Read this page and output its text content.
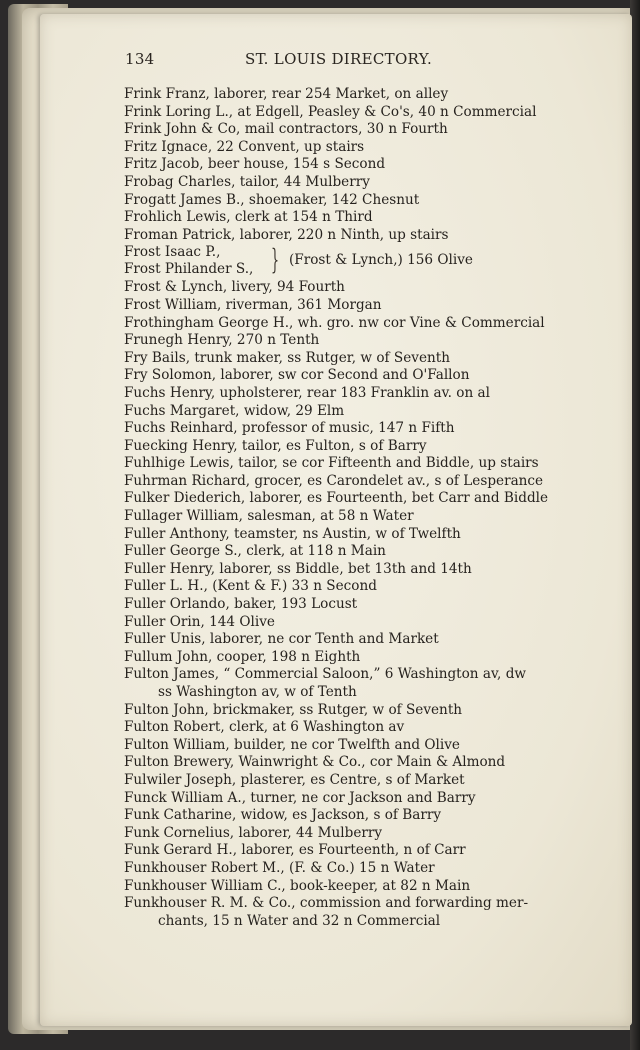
134	ST. LOUIS DIRECTORY.
Frink Franz, laborer, rear 254 Market, on alley
Frink Loring L., at Edgell, Peasley & Co's, 40 n Commercial
Frink John & Co, mail contractors, 30 n Fourth
Fritz Ignace, 22 Convent, up stairs
Fritz Jacob, beer house, 154 s Second
Frobag Charles, tailor, 44 Mulberry
Frogatt James B., shoemaker, 142 Chesnut
Frohlich Lewis, clerk at 154 n Third
Froman Patrick, laborer, 220 n Ninth, up stairs
Frost Isaac P.,
Frost Philander S., } (Frost & Lynch,) 156 Olive
Frost & Lynch, livery, 94 Fourth
Frost William, riverman, 361 Morgan
Frothingham George H., wh. gro. nw cor Vine & Commercial
Frunegh Henry, 270 n Tenth
Fry Bails, trunk maker, ss Rutger, w of Seventh
Fry Solomon, laborer, sw cor Second and O'Fallon
Fuchs Henry, upholsterer, rear 183 Franklin av. on al
Fuchs Margaret, widow, 29 Elm
Fuchs Reinhard, professor of music, 147 n Fifth
Fuecking Henry, tailor, es Fulton, s of Barry
Fuhlhige Lewis, tailor, se cor Fifteenth and Biddle, up stairs
Fuhrman Richard, grocer, es Carondelet av., s of Lesperance
Fulker Diederich, laborer, es Fourteenth, bet Carr and Biddle
Fullager William, salesman, at 58 n Water
Fuller Anthony, teamster, ns Austin, w of Twelfth
Fuller George S., clerk, at 118 n Main
Fuller Henry, laborer, ss Biddle, bet 13th and 14th
Fuller L. H., (Kent & F.) 33 n Second
Fuller Orlando, baker, 193 Locust
Fuller Orin, 144 Olive
Fuller Unis, laborer, ne cor Tenth and Market
Fullum John, cooper, 198 n Eighth
Fulton James, “ Commercial Saloon,” 6 Washington av, dw
ss Washington av, w of Tenth
Fulton John, brickmaker, ss Rutger, w of Seventh
Fulton Robert, clerk, at 6 Washington av
Fulton William, builder, ne cor Twelfth and Olive
Fulton Brewery, Wainwright & Co., cor Main & Almond
Fulwiler Joseph, plasterer, es Centre, s of Market
Funck William A., turner, ne cor Jackson and Barry
Funk Catharine, widow, es Jackson, s of Barry
Funk Cornelius, laborer, 44 Mulberry
Funk Gerard H., laborer, es Fourteenth, n of Carr
Funkhouser Robert M., (F. & Co.) 15 n Water
Funkhouser William C., book-keeper, at 82 n Main
Funkhouser R. M. & Co., commission and forwarding mer-
chants, 15 n Water and 32 n Commercial
